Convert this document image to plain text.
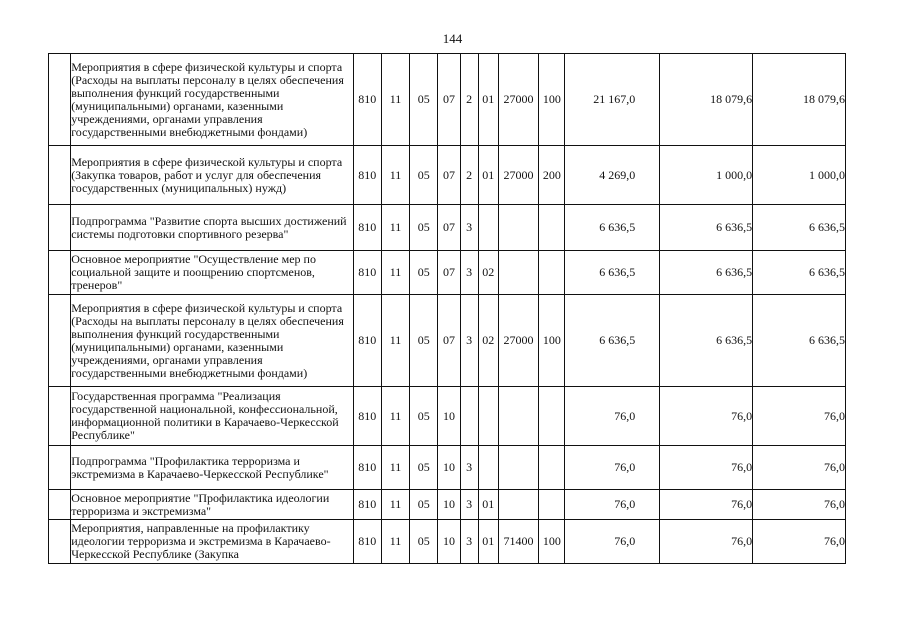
144
	Мероприятия в сфере физической культуры и спорта (Расходы на выплаты персоналу в целях обеспечения выполнения функций государственными (муниципальными) органами, казенными учреждениями, органами управления государственными внебюджетными фондами)	810	11	05	07	2	01	27000	100	21 167,0	18 079,6	18 079,6
	Мероприятия в сфере физической культуры и спорта (Закупка товаров, работ и услуг для обеспечения государственных (муниципальных) нужд)	810	11	05	07	2	01	27000	200	4 269,0	1 000,0	1 000,0
	Подпрограмма "Развитие спорта высших достижений системы подготовки спортивного резерва"	810	11	05	07	3				6 636,5	6 636,5	6 636,5
	Основное мероприятие "Осуществление мер по социальной защите и поощрению спортсменов, тренеров"	810	11	05	07	3	02			6 636,5	6 636,5	6 636,5
	Мероприятия в сфере физической культуры и спорта (Расходы на выплаты персоналу в целях обеспечения выполнения функций государственными (муниципальными) органами, казенными учреждениями, органами управления государственными внебюджетными фондами)	810	11	05	07	3	02	27000	100	6 636,5	6 636,5	6 636,5
	Государственная программа "Реализация государственной национальной, конфессиональной, информационной политики в Карачаево-Черкесской Республике"	810	11	05	10					76,0	76,0	76,0
	Подпрограмма "Профилактика терроризма и экстремизма в Карачаево-Черкесской Республике"	810	11	05	10	3				76,0	76,0	76,0
	Основное мероприятие "Профилактика идеологии терроризма и экстремизма"	810	11	05	10	3	01			76,0	76,0	76,0
	Мероприятия, направленные на профилактику идеологии терроризма и экстремизма в Карачаево-Черкесской Республике (Закупка	810	11	05	10	3	01	71400	100	76,0	76,0	76,0
